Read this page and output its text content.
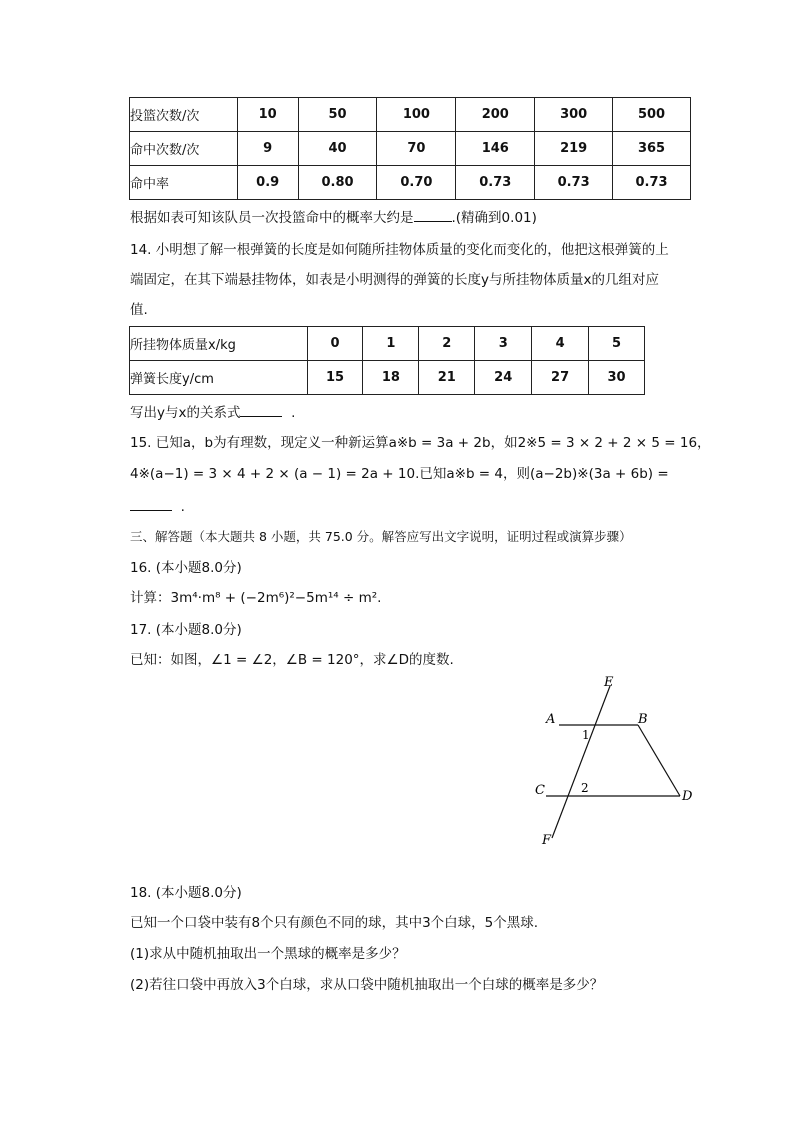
投篮次数/次	10	50	100	200	300	500
命中次数/次	9	40	70	146	219	365
命中率	0.9	0.80	0.70	0.73	0.73	0.73
根据如表可知该队员一次投篮命中的概率大约是	.(精确到0.01)
14. 小明想了解一根弹簧的长度是如何随所挂物体质量的变化而变化的，他把这根弹簧的上
端固定，在其下端悬挂物体，如表是小明测得的弹簧的长度y与所挂物体质量x的几组对应
值.
所挂物体质量x/kg	0	1	2	3	4	5
弹簧长度y/cm	15	18	21	24	27	30
写出y与x的关系式	.
15. 已知a，b为有理数，现定义一种新运算a※b = 3a + 2b，如2※5 = 3 × 2 + 2 × 5 = 16，
4※(a−1) = 3 × 4 + 2 × (a − 1) = 2a + 10.已知a※b = 4，则(a−2b)※(3a + 6b) =
.
三、解答题（本大题共 8 小题，共 75.0 分。解答应写出文字说明，证明过程或演算步骤）
16. (本小题8.0分)
计算：3m⁴·m⁸ + (−2m⁶)²−5m¹⁴ ÷ m².
17. (本小题8.0分)
已知：如图，∠1 = ∠2，∠B = 120°，求∠D的度数.
E
A	B
C	D
F
1
2
18. (本小题8.0分)
已知一个口袋中装有8个只有颜色不同的球，其中3个白球，5个黑球.
(1)求从中随机抽取出一个黑球的概率是多少？
(2)若往口袋中再放入3个白球，求从口袋中随机抽取出一个白球的概率是多少？
